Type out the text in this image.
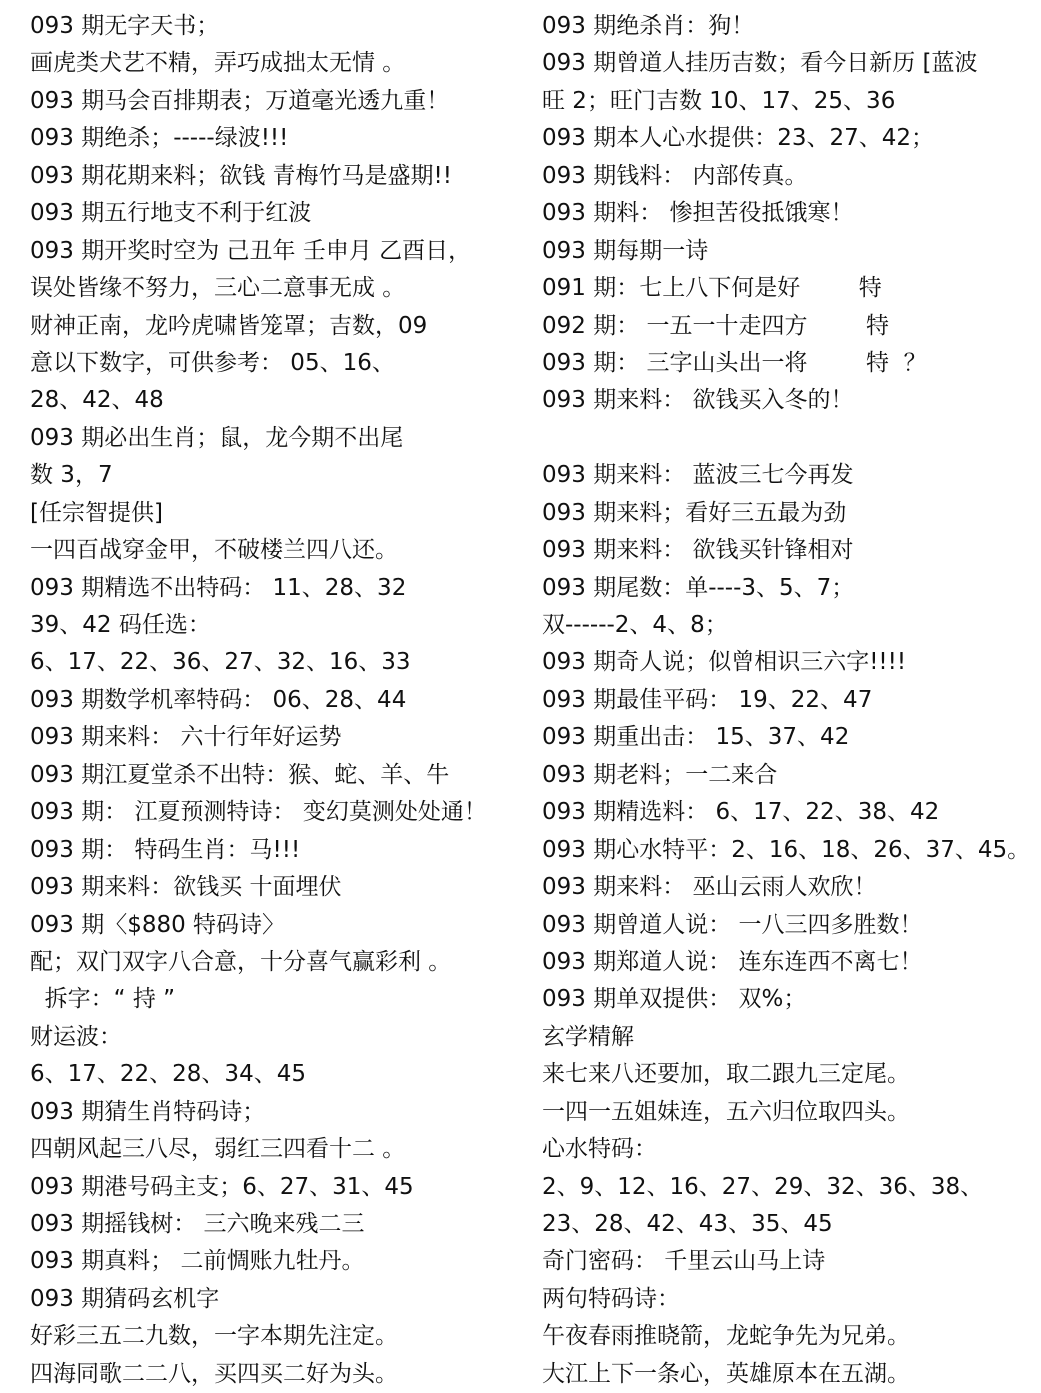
093 期无字天书；
画虎类犬艺不精，弄巧成拙太无情 。
093 期马会百排期表；万道毫光透九重！
093 期绝杀；-----绿波!!!
093 期花期来料；欲钱 青梅竹马是盛期!!
093 期五行地支不利于红波
093 期开奖时空为 己丑年 壬申月 乙酉日，
误处皆缘不努力，三心二意事无成 。
财神正南，龙吟虎啸皆笼罩；吉数，09
意以下数字，可供参考： 05、16、
28、42、48
093 期必出生肖；鼠，龙今期不出尾
数 3，7
[任宗智提供]
一四百战穿金甲，不破楼兰四八还。
093 期精选不出特码： 11、28、32
39、42 码任选：
6、17、22、36、27、32、16、33
093 期数学机率特码： 06、28、44
093 期来料： 六十行年好运势
093 期江夏堂杀不出特：猴、蛇、羊、牛
093 期： 江夏预测特诗： 变幻莫测处处通！
093 期： 特码生肖：马!!!
093 期来料：欲钱买 十面埋伏
093 期〈$880 特码诗〉
配；双门双字八合意，十分喜气赢彩利 。
拆字：“ 持 ”
财运波：
6、17、22、28、34、45
093 期猜生肖特码诗；
四朝风起三八尽，弱红三四看十二 。
093 期港号码主支；6、27、31、45
093 期摇钱树： 三六晚来残二三
093 期真料； 二前惆账九牡丹。
093 期猜码玄机字
好彩三五二九数，一字本期先注定。
四海同歌二二八，买四买二好为头。
093 期绝杀肖：狗！
093 期曾道人挂历吉数；看今日新历 [蓝波
旺 2；旺门吉数 10、17、25、36
093 期本人心水提供：23、27、42；
093 期钱料： 内部传真。
093 期料： 惨担苦役抵饿寒！
093 期每期一诗
091 期：七上八下何是好        特
092 期： 一五一十走四方        特
093 期： 三字山头出一将        特  ？
093 期来料： 欲钱买入冬的！
093 期来料： 蓝波三七今再发
093 期来料；看好三五最为劲
093 期来料： 欲钱买针锋相对
093 期尾数：单----3、5、7；
双------2、4、8；
093 期奇人说；似曾相识三六字!!!!
093 期最佳平码： 19、22、47
093 期重出击： 15、37、42
093 期老料；一二来合
093 期精选料： 6、17、22、38、42
093 期心水特平：2、16、18、26、37、45。
093 期来料： 巫山云雨人欢欣！
093 期曾道人说： 一八三四多胜数！
093 期郑道人说： 连东连西不离七！
093 期单双提供： 双%；
玄学精解
来七来八还要加，取二跟九三定尾。
一四一五姐妹连，五六归位取四头。
心水特码：
2、9、12、16、27、29、32、36、38、
23、28、42、43、35、45
奇门密码： 千里云山马上诗
两句特码诗：
午夜春雨推晓箭，龙蛇争先为兄弟。
大江上下一条心，英雄原本在五湖。
